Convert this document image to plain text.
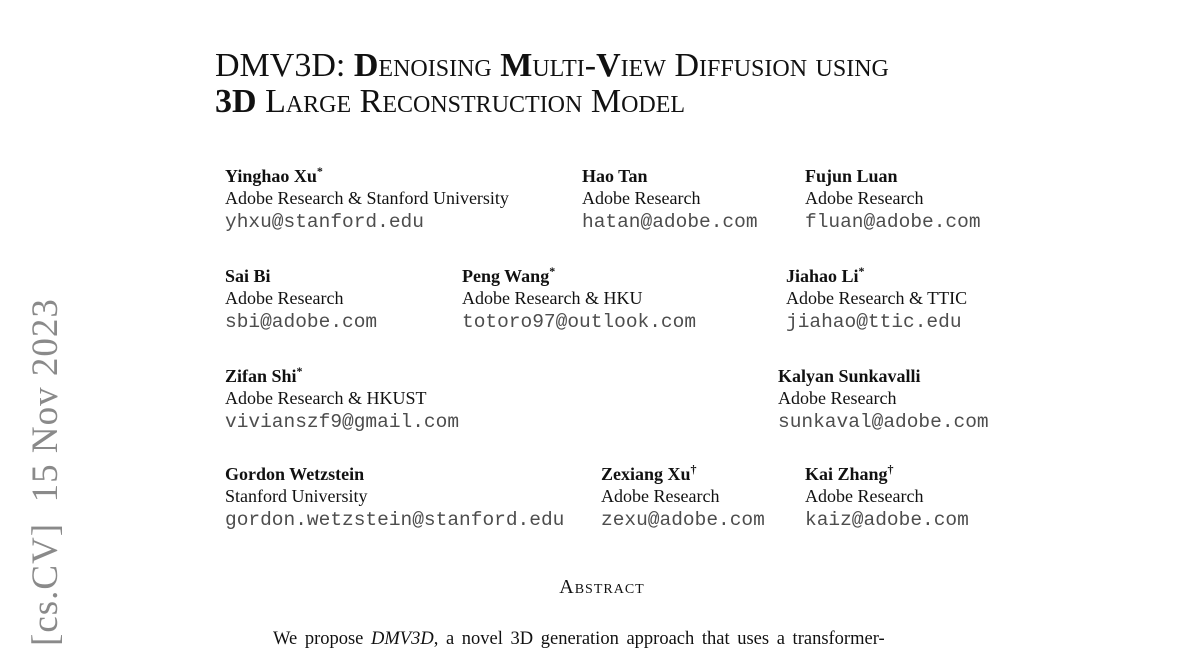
[cs.CV]  15 Nov 2023
DMV3D: Denoising Multi-View Diffusion using
3D Large Reconstruction Model
Yinghao Xu*
Adobe Research & Stanford University
yhxu@stanford.edu
Hao Tan
Adobe Research
hatan@adobe.com
Fujun Luan
Adobe Research
fluan@adobe.com
Sai Bi
Adobe Research
sbi@adobe.com
Peng Wang*
Adobe Research & HKU
totoro97@outlook.com
Jiahao Li*
Adobe Research & TTIC
jiahao@ttic.edu
Zifan Shi*
Adobe Research & HKUST
vivianszf9@gmail.com
Kalyan Sunkavalli
Adobe Research
sunkaval@adobe.com
Gordon Wetzstein
Stanford University
gordon.wetzstein@stanford.edu
Zexiang Xu†
Adobe Research
zexu@adobe.com
Kai Zhang†
Adobe Research
kaiz@adobe.com
Abstract
We propose DMV3D, a novel 3D generation approach that uses a transformer-
